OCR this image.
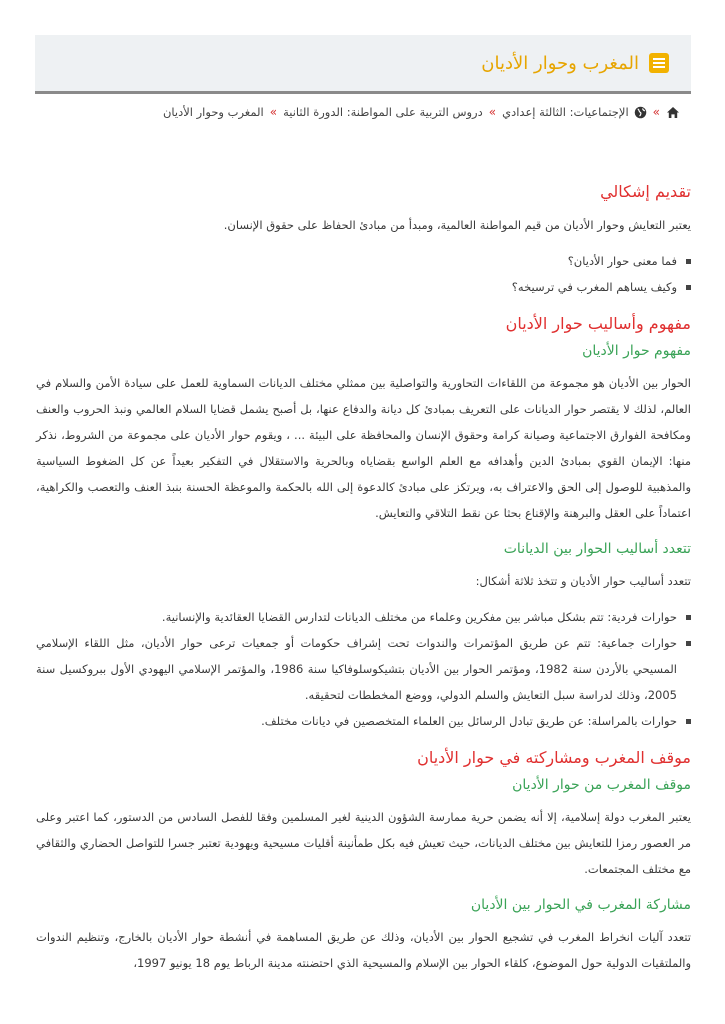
المغرب وحوار الأديان
»
الإجتماعيات: الثالثة إعدادي
»
دروس التربية على المواطنة: الدورة الثانية
»
المغرب وحوار الأديان
تقديم إشكالي

يعتبر التعايش وحوار الأديان من قيم المواطنة العالمية، ومبدأ من مبادئ الحفاظ على حقوق الإنسان.

فما معنى حوار الأديان؟
وكيف يساهم المغرب في ترسيخه؟
مفهوم وأساليب حوار الأديان
مفهوم حوار الأديان

الحوار بين الأديان هو مجموعة من اللقاءات التحاورية والتواصلية بين ممثلي مختلف الديانات السماوية للعمل على سيادة الأمن والسلام في العالم، لذلك لا يقتصر حوار الديانات على التعريف بمبادئ كل ديانة والدفاع عنها، بل أصبح يشمل قضايا السلام العالمي ونبذ الحروب والعنف ومكافحة الفوارق الاجتماعية وصيانة كرامة وحقوق الإنسان والمحافظة على البيئة ... ، ويقوم حوار الأديان على مجموعة من الشروط، نذكر منها: الإيمان القوي بمبادئ الدين وأهدافه مع العلم الواسع بقضاياه وبالحرية والاستقلال في التفكير بعيداً عن كل الضغوط السياسية والمذهبية للوصول إلى الحق والاعتراف به، ويرتكز على مبادئ كالدعوة إلى الله بالحكمة والموعظة الحسنة بنبذ العنف والتعصب والكراهية، اعتماداً على العقل والبرهنة والإقناع بحثا عن نقط التلاقي والتعايش.

تتعدد أساليب الحوار بين الديانات

تتعدد أساليب حوار الأديان و تتخذ ثلاثة أشكال:

حوارات فردية: تتم بشكل مباشر بين مفكرين وعلماء من مختلف الديانات لتدارس القضايا العقائدية والإنسانية.
حوارات جماعية: تتم عن طريق المؤتمرات والندوات تحت إشراف حكومات أو جمعيات ترعى حوار الأديان، مثل اللقاء الإسلامي المسيحي بالأردن سنة 1982، ومؤتمر الحوار بين الأديان بتشيكوسلوفاكيا سنة 1986، والمؤتمر الإسلامي اليهودي الأول ببروكسيل سنة 2005، وذلك لدراسة سبل التعايش والسلم الدولي، ووضع المخططات لتحقيقه.
حوارات بالمراسلة: عن طريق تبادل الرسائل بين العلماء المتخصصين في ديانات مختلف.
موقف المغرب ومشاركته في حوار الأديان
موقف المغرب من حوار الأديان

يعتبر المغرب دولة إسلامية، إلا أنه يضمن حرية ممارسة الشؤون الدينية لغير المسلمين وفقا للفصل السادس من الدستور، كما اعتبر وعلى مر العصور رمزا للتعايش بين مختلف الديانات، حيث تعيش فيه بكل طمأنينة أقليات مسيحية ويهودية تعتبر جسرا للتواصل الحضاري والثقافي مع مختلف المجتمعات.

مشاركة المغرب في الحوار بين الأديان

تتعدد آليات انخراط المغرب في تشجيع الحوار بين الأديان، وذلك عن طريق المساهمة في أنشطة حوار الأديان بالخارج، وتنظيم الندوات والملتقيات الدولية حول الموضوع، كلقاء الحوار بين الإسلام والمسيحية الذي احتضنته مدينة الرباط يوم 18 يونيو 1997،
